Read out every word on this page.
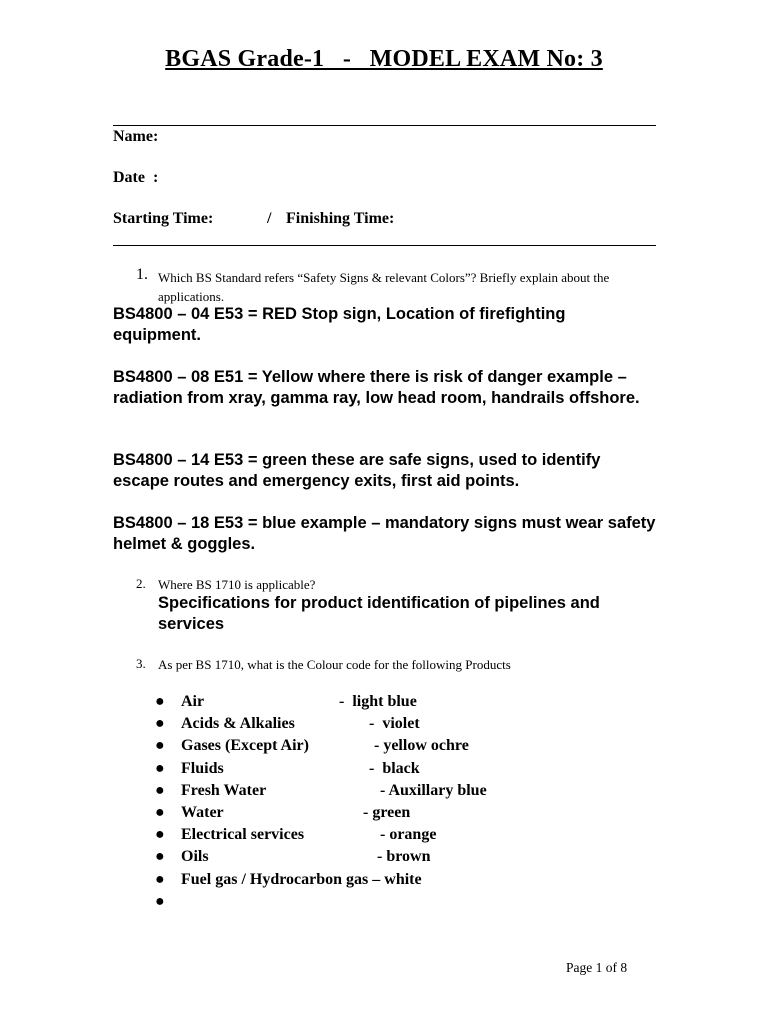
BGAS Grade-1   -   MODEL EXAM No: 3
Name:
Date  :
Starting Time:	/ Finishing Time:
1. Which BS Standard refers “Safety Signs & relevant Colors”? Briefly explain about the applications.
BS4800 – 04 E53 = RED Stop sign, Location of firefighting equipment.
BS4800 – 08 E51 = Yellow where there is risk of danger example – radiation from xray, gamma ray, low head room, handrails offshore.
BS4800 – 14 E53 = green these are safe signs, used to identify escape routes and emergency exits, first aid points.
BS4800 – 18 E53 = blue example – mandatory signs must wear safety helmet & goggles.
2. Where BS 1710 is applicable?
Specifications for product identification of pipelines and services
3. As per BS 1710, what is the Colour code for the following Products
● Air	-  light blue
● Acids & Alkalies	-  violet
● Gases (Except Air)	- yellow ochre
● Fluids	-  black
● Fresh Water	- Auxillary blue
● Water	- green
● Electrical services	- orange
● Oils	- brown
● Fuel gas / Hydrocarbon gas – white
●
Page 1 of 8
